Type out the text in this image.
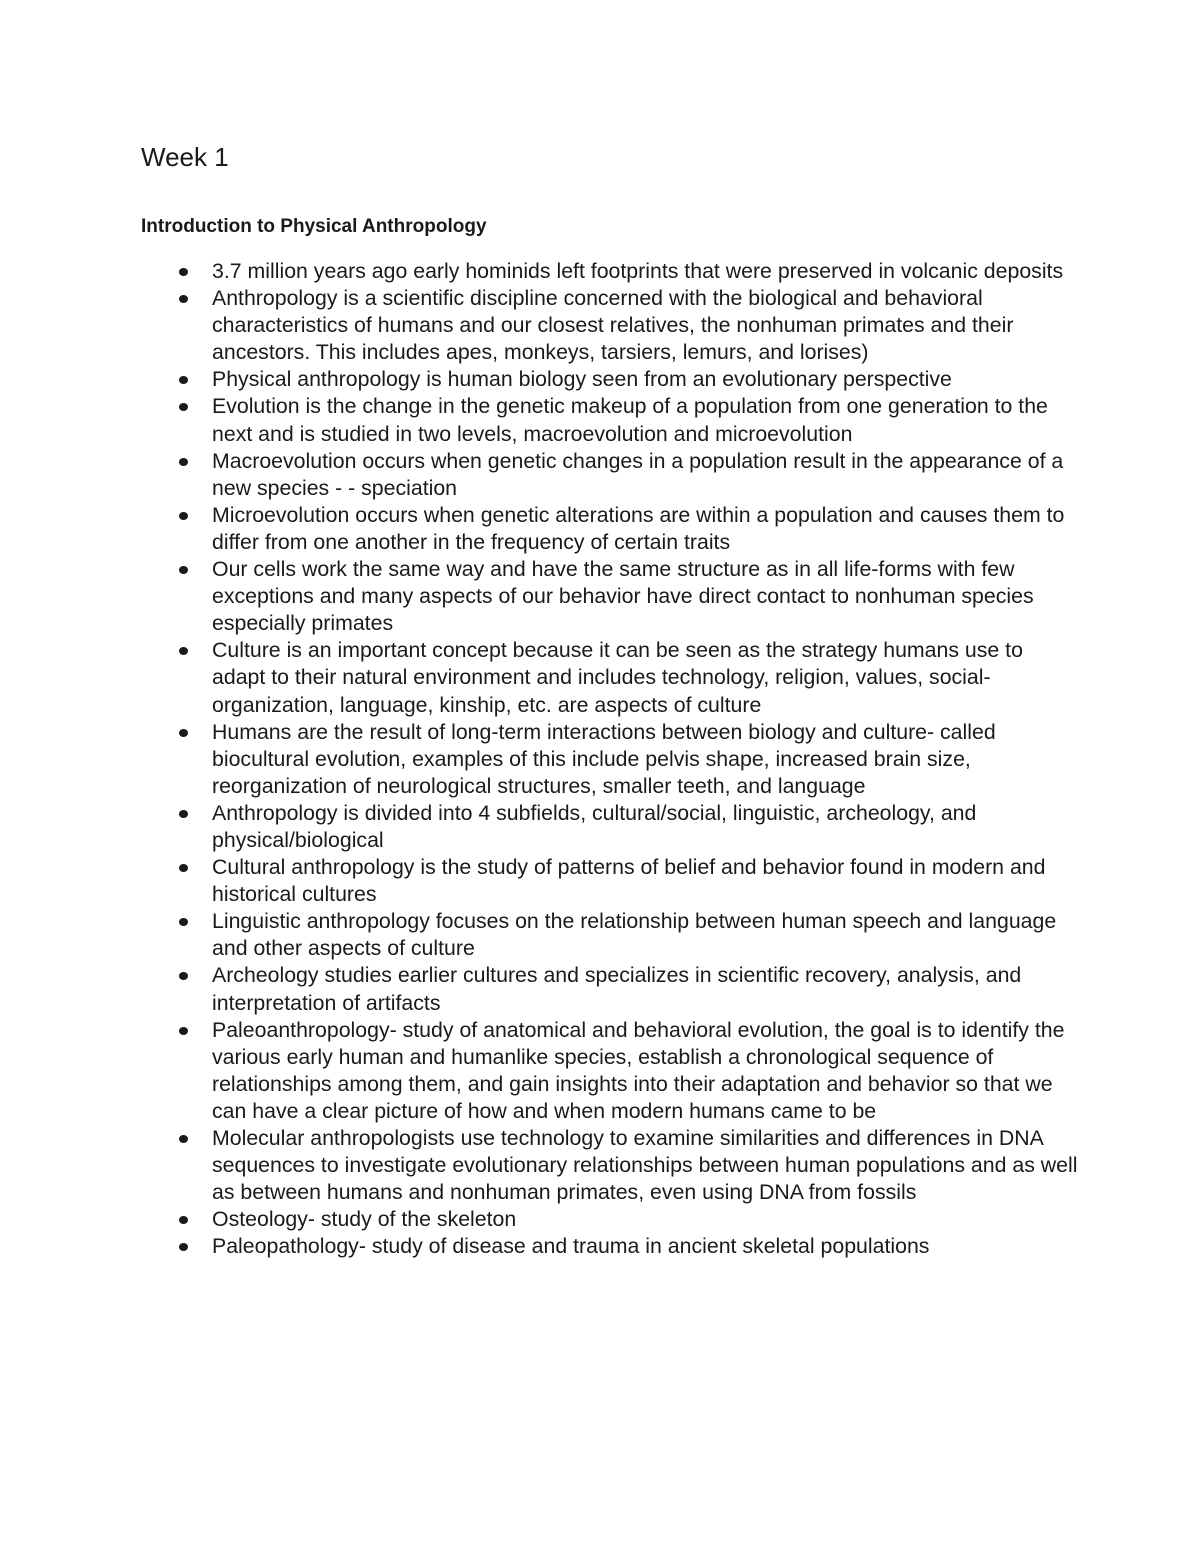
Week 1
Introduction to Physical Anthropology
3.7 million years ago early hominids left footprints that were preserved in volcanic deposits
Anthropology is a scientific discipline concerned with the biological and behavioral characteristics of humans and our closest relatives, the nonhuman primates and their ancestors. This includes apes, monkeys, tarsiers, lemurs, and lorises)
Physical anthropology is human biology seen from an evolutionary perspective
Evolution is the change in the genetic makeup of a population from one generation to the next and is studied in two levels, macroevolution and microevolution
Macroevolution occurs when genetic changes in a population result in the appearance of a new species - - speciation
Microevolution occurs when genetic alterations are within a population and causes them to differ from one another in the frequency of certain traits
Our cells work the same way and have the same structure as in all life-forms with few exceptions and many aspects of our behavior have direct contact to nonhuman species especially primates
Culture is an important concept because it can be seen as the strategy humans use to adapt to their natural environment and includes technology, religion, values, social-organization, language, kinship, etc. are aspects of culture
Humans are the result of long-term interactions between biology and culture- called biocultural evolution, examples of this include pelvis shape, increased brain size, reorganization of neurological structures, smaller teeth, and language
Anthropology is divided into 4 subfields, cultural/social, linguistic, archeology, and physical/biological
Cultural anthropology is the study of patterns of belief and behavior found in modern and historical cultures
Linguistic anthropology focuses on the relationship between human speech and language and other aspects of culture
Archeology studies earlier cultures and specializes in scientific recovery, analysis, and interpretation of artifacts
Paleoanthropology- study of anatomical and behavioral evolution, the goal is to identify the various early human and humanlike species, establish a chronological sequence of relationships among them, and gain insights into their adaptation and behavior so that we can have a clear picture of how and when modern humans came to be
Molecular anthropologists use technology to examine similarities and differences in DNA sequences to investigate evolutionary relationships between human populations and as well as between humans and nonhuman primates, even using DNA from fossils
Osteology- study of the skeleton
Paleopathology- study of disease and trauma in ancient skeletal populations
